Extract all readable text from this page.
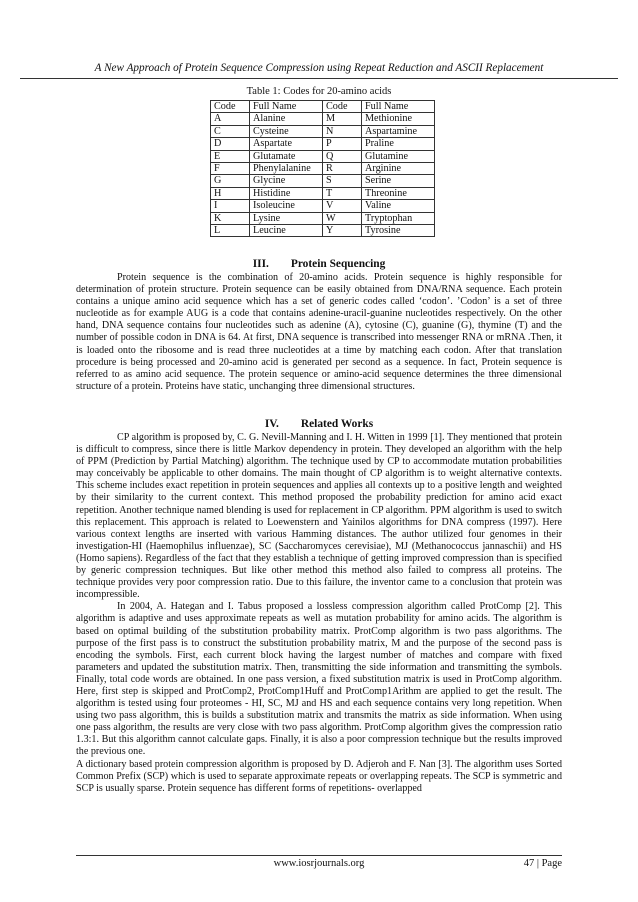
A New Approach of Protein Sequence Compression using Repeat Reduction and ASCII Replacement
Table 1: Codes for 20-amino acids
Code	Full Name	Code	Full Name
A	Alanine	M	Methionine
C	Cysteine	N	Aspartamine
D	Aspartate	P	Praline
E	Glutamate	Q	Glutamine
F	Phenylalanine	R	Arginine
G	Glycine	S	Serine
H	Histidine	T	Threonine
I	Isoleucine	V	Valine
K	Lysine	W	Tryptophan
L	Leucine	Y	Tyrosine
III. Protein Sequencing

Protein sequence is the combination of 20-amino acids. Protein sequence is highly responsible for determination of protein structure. Protein sequence can be easily obtained from DNA/RNA sequence. Each protein contains a unique amino acid sequence which has a set of generic codes called ‘codon’. ’Codon’ is a set of three nucleotide as for example AUG is a code that contains adenine-uracil-guanine nucleotides respectively. On the other hand, DNA sequence contains four nucleotides such as adenine (A), cytosine (C), guanine (G), thymine (T) and the number of possible codon in DNA is 64. At first, DNA sequence is transcribed into messenger RNA or mRNA .Then, it is loaded onto the ribosome and is read three nucleotides at a time by matching each codon. After that translation procedure is being processed and 20-amino acid is generated per second as a sequence. In fact, Protein sequence is referred to as amino acid sequence. The protein sequence or amino-acid sequence determines the three dimensional structure of a protein. Proteins have static, unchanging three dimensional structures.

IV. Related Works

CP algorithm is proposed by, C. G. Nevill-Manning and I. H. Witten in 1999 [1]. They mentioned that protein is difficult to compress, since there is little Markov dependency in protein. They developed an algorithm with the help of PPM (Prediction by Partial Matching) algorithm. The technique used by CP to accommodate mutation probabilities may conceivably be applicable to other domains. The main thought of CP algorithm is to weight alternative contexts. This scheme includes exact repetition in protein sequences and applies all contexts up to a positive length and weighted by their similarity to the current context. This method proposed the probability prediction for amino acid exact repetition. Another technique named blending is used for replacement in CP algorithm. PPM algorithm is used to switch this replacement. This approach is related to Loewenstern and Yainilos algorithms for DNA compress (1997). Here various context lengths are inserted with various Hamming distances. The author utilized four genomes in their investigation-HI (Haemophilus influenzae), SC (Saccharomyces cerevisiae), MJ (Methanococcus jannaschii) and HS (Homo sapiens). Regardless of the fact that they establish a technique of getting improved compression than is specified by generic compression techniques. But like other method this method also failed to compress all proteins. The technique provides very poor compression ratio. Due to this failure, the inventor came to a conclusion that protein was incompressible.

In 2004, A. Hategan and I. Tabus proposed a lossless compression algorithm called ProtComp [2]. This algorithm is adaptive and uses approximate repeats as well as mutation probability for amino acids. The algorithm is based on optimal building of the substitution probability matrix. ProtComp algorithm is two pass algorithms. The purpose of the first pass is to construct the substitution probability matrix, M and the purpose of the second pass is encoding the symbols. First, each current block having the largest number of matches and compare with fixed parameters and updated the substitution matrix. Then, transmitting the side information and transmitting the symbols. Finally, total code words are obtained. In one pass version, a fixed substitution matrix is used in ProtComp algorithm. Here, first step is skipped and ProtComp2, ProtComp1Huff and ProtComp1Arithm are applied to get the result. The algorithm is tested using four proteomes - HI, SC, MJ and HS and each sequence contains very long repetition. When using two pass algorithm, this is builds a substitution matrix and transmits the matrix as side information. When using one pass algorithm, the results are very close with two pass algorithm. ProtComp algorithm gives the compression ratio 1.3:1. But this algorithm cannot calculate gaps. Finally, it is also a poor compression technique but the results improved the previous one.

A dictionary based protein compression algorithm is proposed by D. Adjeroh and F. Nan [3]. The algorithm uses Sorted Common Prefix (SCP) which is used to separate approximate repeats or overlapping repeats. The SCP is symmetric and SCP is usually sparse. Protein sequence has different forms of repetitions- overlapped

www.iosrjournals.org	47 | Page
